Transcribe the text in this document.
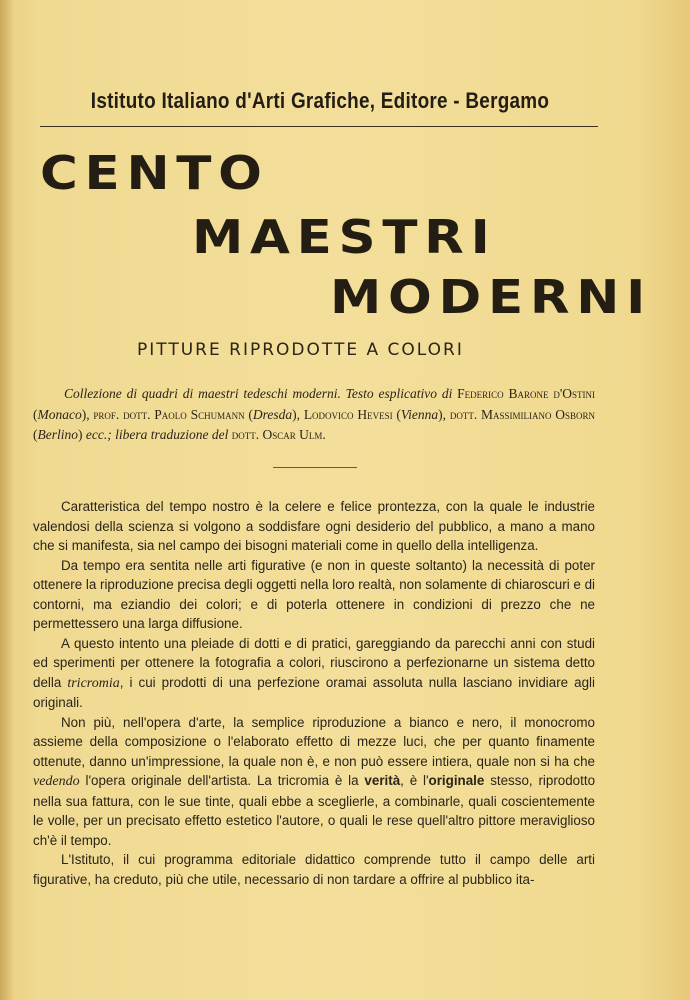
Istituto Italiano d'Arti Grafiche, Editore - Bergamo
CENTO
MAESTRI
MODERNI
PITTURE RIPRODOTTE A COLORI

Collezione di quadri di maestri tedeschi moderni. Testo esplicativo di Federico Barone d'Ostini (Monaco), prof. dott. Paolo Schumann (Dresda), Lodovico Hevesi (Vienna), dott. Massimiliano Osborn (Berlino) ecc.; libera traduzione del dott. Oscar Ulm.

Caratteristica del tempo nostro è la celere e felice prontezza, con la quale le industrie valendosi della scienza si volgono a soddisfare ogni desiderio del pubblico, a mano a mano che si manifesta, sia nel campo dei bisogni materiali come in quello della intelligenza.

Da tempo era sentita nelle arti figurative (e non in queste soltanto) la necessità di poter ottenere la riproduzione precisa degli oggetti nella loro realtà, non solamente di chiaroscuri e di contorni, ma eziandio dei colori; e di poterla ottenere in condizioni di prezzo che ne permettessero una larga diffusione.

A questo intento una pleiade di dotti e di pratici, gareggiando da parecchi anni con studi ed sperimenti per ottenere la fotografia a colori, riuscirono a perfezionarne un sistema detto della tricromia, i cui prodotti di una perfezione oramai assoluta nulla lasciano invidiare agli originali.

Non più, nell'opera d'arte, la semplice riproduzione a bianco e nero, il monocromo assieme della composizione o l'elaborato effetto di mezze luci, che per quanto finamente ottenute, danno un'impressione, la quale non è, e non può essere intiera, quale non si ha che vedendo l'opera originale dell'artista. La tricromia è la verità, è l'originale stesso, riprodotto nella sua fattura, con le sue tinte, quali ebbe a sceglierle, a combinarle, quali coscientemente le volle, per un precisato effetto estetico l'autore, o quali le rese quell'altro pittore meraviglioso ch'è il tempo.

L'Istituto, il cui programma editoriale didattico comprende tutto il campo delle arti figurative, ha creduto, più che utile, necessario di non tardare a offrire al pubblico ita-
